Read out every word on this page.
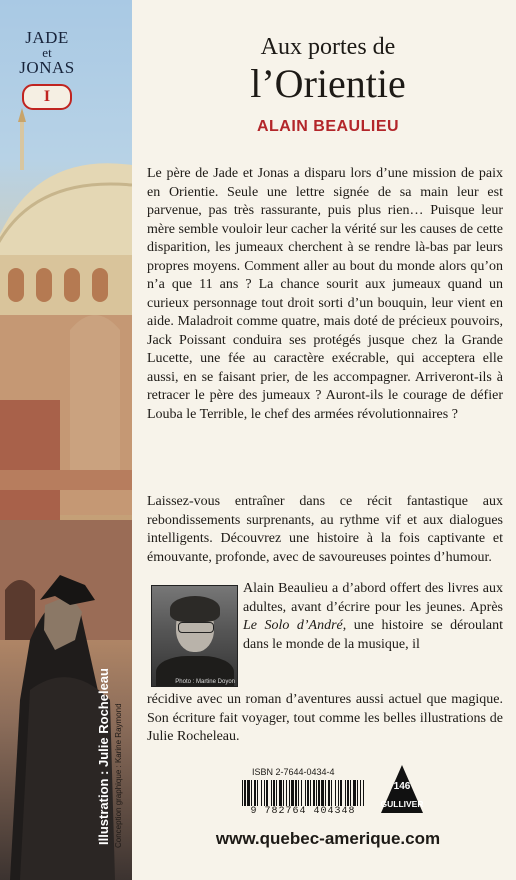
JADE
et
JONAS
I
Illustration : Julie Rocheleau Conception graphique : Karine Raymond
Aux portes de
l’Orientie
ALAIN BEAULIEU
Le père de Jade et Jonas a disparu lors d’une mission de paix en Orientie. Seule une lettre signée de sa main leur est parvenue, pas très rassurante, puis plus rien… Puisque leur mère semble vouloir leur cacher la vérité sur les causes de cette disparition, les jumeaux cherchent à se rendre là-bas par leurs propres moyens. Comment aller au bout du monde alors qu’on n’a que 11 ans ? La chance sourit aux jumeaux quand un curieux personnage tout droit sorti d’un bouquin, leur vient en aide. Maladroit comme quatre, mais doté de précieux pouvoirs, Jack Poissant conduira ses protégés jusque chez la Grande Lucette, une fée au caractère exécrable, qui acceptera elle aussi, en se faisant prier, de les accompagner. Arriveront-ils à retracer le père des jumeaux ? Auront-ils le courage de défier Louba le Terrible, le chef des armées révolutionnaires ?
Laissez-vous entraîner dans ce récit fantastique aux rebondissements surprenants, au rythme vif et aux dialogues intelligents. Découvrez une histoire à la fois captivante et émouvante, profonde, avec de savoureuses pointes d’humour.
Photo : Martine Doyon
Alain Beaulieu a d’abord offert des livres aux adultes, avant d’écrire pour les jeunes. Après Le Solo d’André, une histoire se déroulant dans le monde de la musique, il
récidive avec un roman d’aventures aussi actuel que magique. Son écriture fait voyager, tout comme les belles illustrations de Julie Rocheleau.
ISBN 2-7644-0434-4
9 782764 404348
146
GULLIVER
www.quebec-amerique.com
